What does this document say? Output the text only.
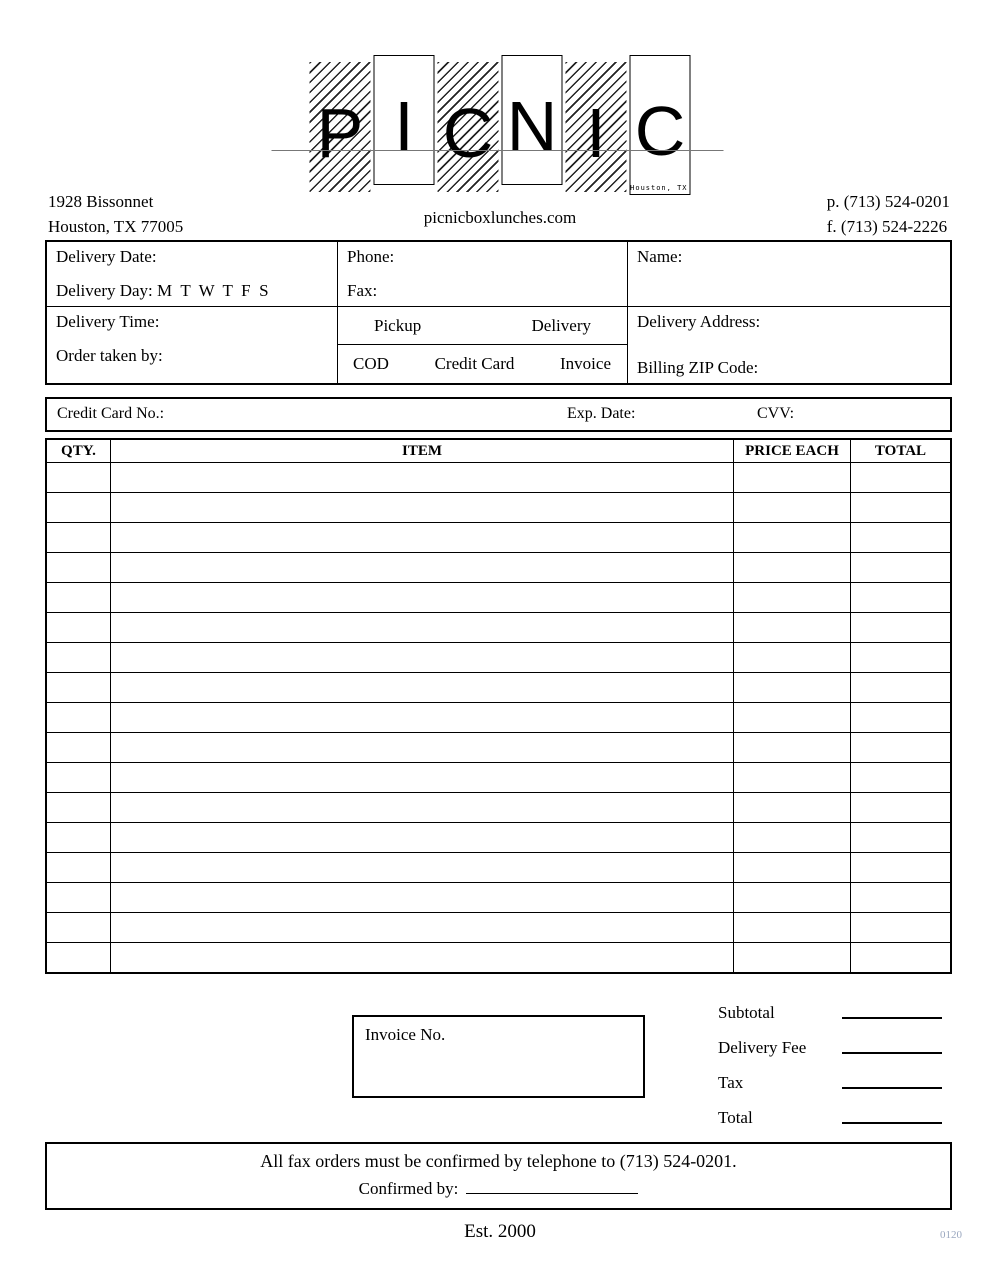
P I C N I C
Houston, TX
1928 Bissonnet
Houston, TX 77005	picnicboxlunches.com
p. (713) 524-0201
f. (713) 524-2226
Delivery Date:
Delivery Day: M  T  W  T  F  S
Delivery Time:
Order taken by:
Phone:
Fax:
Pickup	Delivery
COD	Credit Card	Invoice
Name:
Delivery Address:
Billing ZIP Code:
Credit Card No.:	Exp. Date:	CVV:
QTY.	ITEM	PRICE EACH	TOTAL
Invoice No.
Subtotal
Delivery Fee
Tax
Total
All fax orders must be confirmed by telephone to (713) 524-0201.
Confirmed by:
Est. 2000	0120
